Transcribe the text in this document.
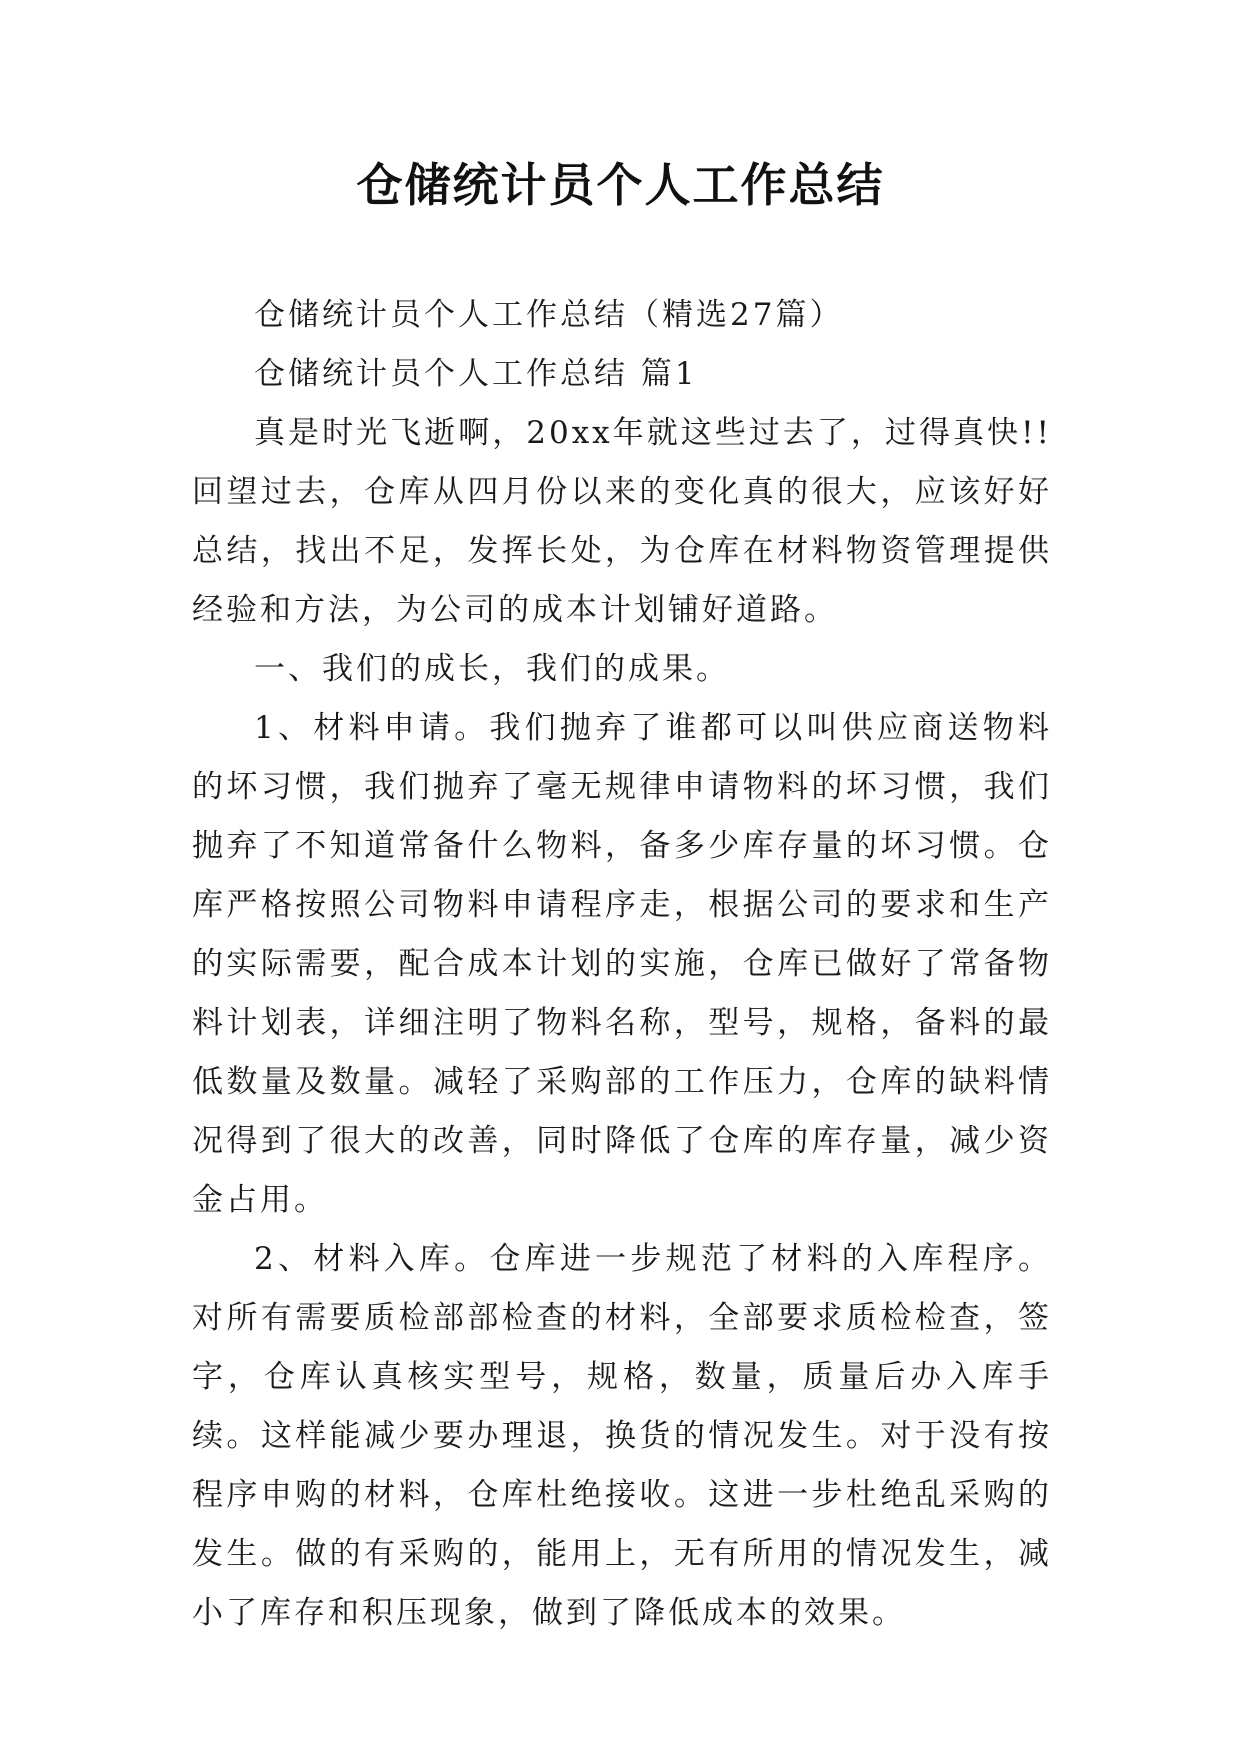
仓储统计员个人工作总结

仓储统计员个人工作总结（精选27篇）

仓储统计员个人工作总结 篇1

真是时光飞逝啊，20xx年就这些过去了，过得真快!!回望过去，仓库从四月份以来的变化真的很大，应该好好总结，找出不足，发挥长处，为仓库在材料物资管理提供经验和方法，为公司的成本计划铺好道路。

一、我们的成长，我们的成果。

1、材料申请。我们抛弃了谁都可以叫供应商送物料的坏习惯，我们抛弃了毫无规律申请物料的坏习惯，我们抛弃了不知道常备什么物料，备多少库存量的坏习惯。仓库严格按照公司物料申请程序走，根据公司的要求和生产的实际需要，配合成本计划的实施，仓库已做好了常备物料计划表，详细注明了物料名称，型号，规格，备料的最低数量及数量。减轻了采购部的工作压力，仓库的缺料情况得到了很大的改善，同时降低了仓库的库存量，减少资金占用。

2、材料入库。仓库进一步规范了材料的入库程序。对所有需要质检部部检查的材料，全部要求质检检查，签字，仓库认真核实型号，规格，数量，质量后办入库手续。这样能减少要办理退，换货的情况发生。对于没有按程序申购的材料，仓库杜绝接收。这进一步杜绝乱采购的发生。做的有采购的，能用上，无有所用的情况发生，减小了库存和积压现象，做到了降低成本的效果。
